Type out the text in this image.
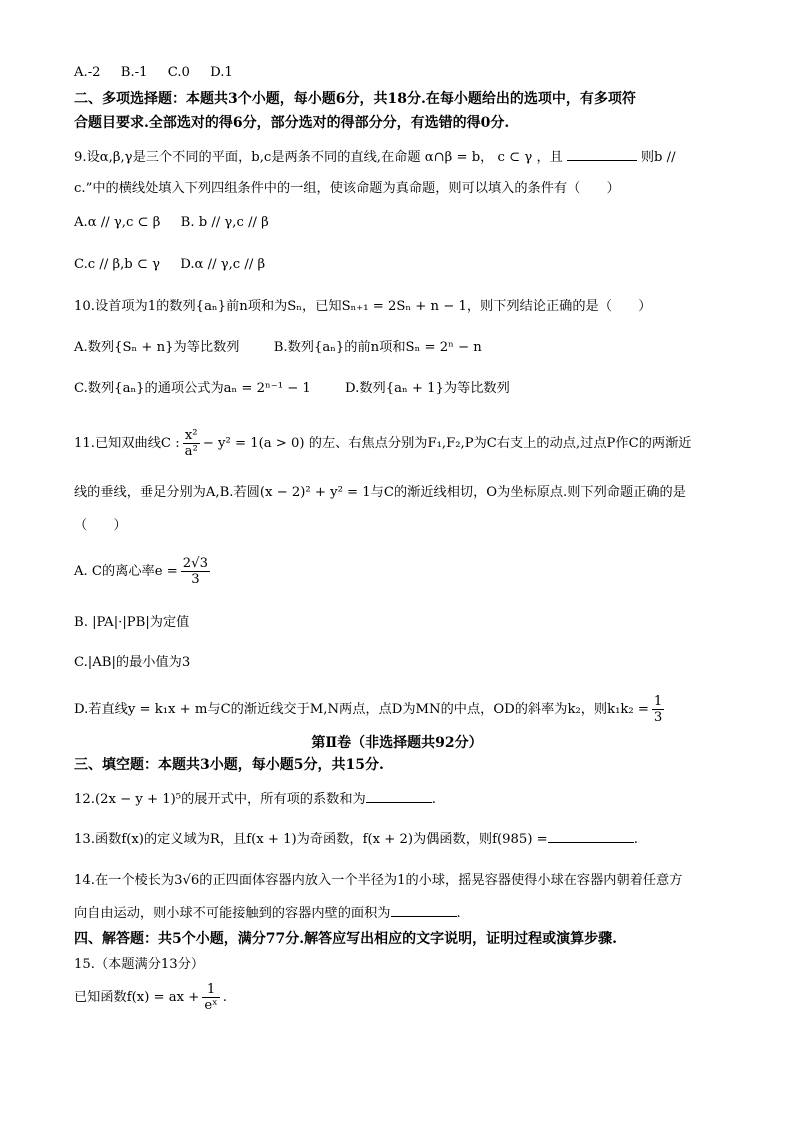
A.-2 B.-1 C.0 D.1
二、多项选择题：本题共3个小题，每小题6分，共18分.在每小题给出的选项中，有多项符
合题目要求.全部选对的得6分，部分选对的得部分分，有选错的得0分.
9.设α,β,γ是三个不同的平面，b,c是两条不同的直线,在命题 α∩β = b， c ⊂ γ ，且	则b //
c.”中的横线处填入下列四组条件中的一组，使该命题为真命题，则可以填入的条件有（　　）
A.α // γ,c ⊂ β B. b // γ,c // β
C.c // β,b ⊂ γ D.α // γ,c // β
10.设首项为1的数列{aₙ}前n项和为Sₙ，已知Sₙ₊₁ = 2Sₙ + n − 1，则下列结论正确的是（　　）
A.数列{Sₙ + n}为等比数列	B.数列{aₙ}的前n项和Sₙ = 2ⁿ − n
C.数列{aₙ}的通项公式为aₙ = 2ⁿ⁻¹ − 1	D.数列{aₙ + 1}为等比数列
11.已知双曲线C : $\frac{\text{x²}}{\text{a²}} - y^2 = 1(a > 0)$ 的左、右焦点分别为F₁,F₂,P为C右支上的动点,过点P作C的两渐近
线的垂线，垂足分别为A,B.若圆(x − 2)² + y² = 1与C的渐近线相切，O为坐标原点.则下列命题正确的是
（　　）
A. C的离心率$e = \frac{2√3}{3}$
B. |PA|·|PB|为定值
C.|AB|的最小值为3
D.若直线y = k₁x + m与C的渐近线交于M,N两点，点D为MN的中点，OD的斜率为k₂，则$k_1k_2 = \frac{1}{3}$
第Ⅱ卷（非选择题共92分）
三、填空题：本题共3小题，每小题5分，共15分.
12.(2x − y + 1)⁵的展开式中，所有项的系数和为	.
13.函数f(x)的定义域为R，且f(x + 1)为奇函数，f(x + 2)为偶函数，则f(985) =	.
14.在一个棱长为3√6的正四面体容器内放入一个半径为1的小球，摇晃容器使得小球在容器内朝着任意方
向自由运动，则小球不可能接触到的容器内壁的面积为	.
四、解答题：共5个小题，满分77分.解答应写出相应的文字说明，证明过程或演算步骤.
15.（本题满分13分）
已知函数f(x) = ax + $\frac{1}{\text{eˣ}}$ .
